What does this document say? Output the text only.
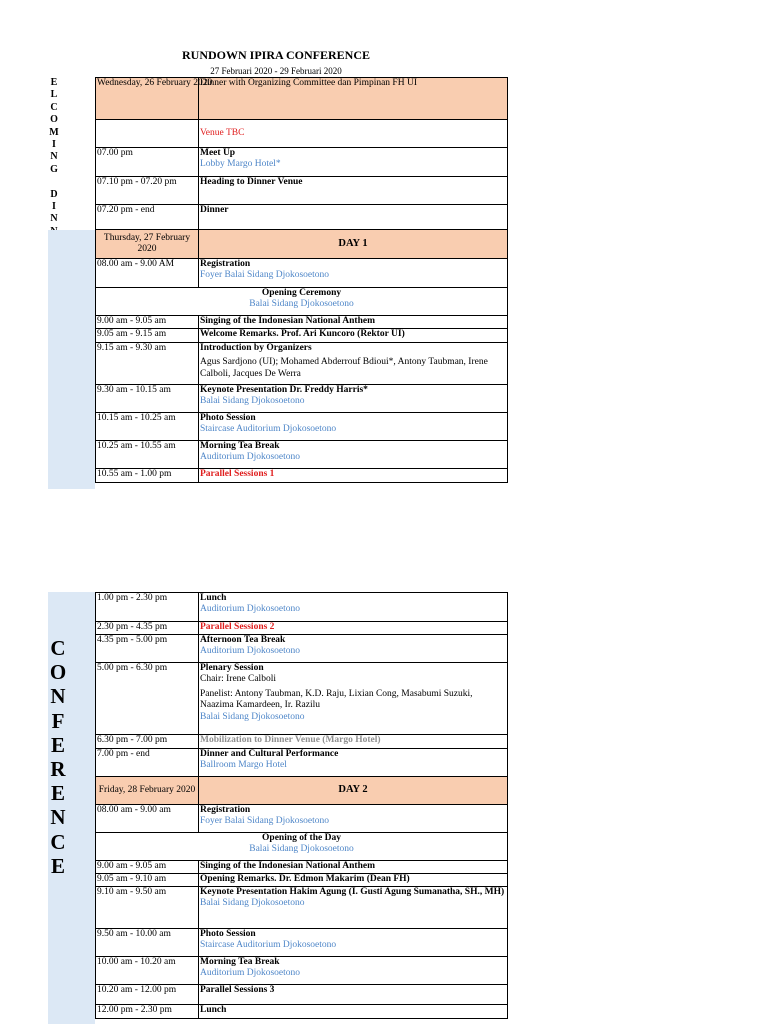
RUNDOWN IPIRA CONFERENCE
27 Februari 2020 - 29 Februari 2020
E
L
C
O
M
I
N
G

D
I
N
C
O
N
F
E
R
E
N
C
E
Wednesday, 26 February 2020	Dinner with Organizing Committee dan Pimpinan FH UI
	Venue TBC
07.00 pm	Meet Up
Lobby Margo Hotel*
07.10 pm - 07.20 pm	Heading to Dinner Venue
07.20 pm - end	Dinner
Thursday, 27 February 2020	DAY 1
08.00 am - 9.00 AM	Registration
Foyer Balai Sidang Djokosoetono
Opening Ceremony
Balai Sidang Djokosoetono	
9.00 am - 9.05 am	Singing of the Indonesian National Anthem
9.05 am - 9.15 am	Welcome Remarks. Prof. Ari Kuncoro (Rektor UI)
9.15 am - 9.30 am	Introduction by Organizers
Agus Sardjono (UI); Mohamed Abderrouf Bdioui*, Antony Taubman, Irene Calboli, Jacques De Werra

9.30 am - 10.15 am	Keynote Presentation Dr. Freddy Harris*
Balai Sidang Djokosoetono
10.15 am - 10.25 am	Photo Session
Staircase Auditorium Djokosoetono
10.25 am - 10.55 am	Morning Tea Break
Auditorium Djokosoetono
10.55 am - 1.00 pm	Parallel Sessions 1
1.00 pm - 2.30 pm	Lunch
Auditorium Djokosoetono
2.30 pm - 4.35 pm	Parallel Sessions 2
4.35 pm - 5.00 pm	Afternoon Tea Break
Auditorium Djokosoetono
5.00 pm - 6.30 pm	Plenary Session
Chair: Irene Calboli
Panelist: Antony Taubman, K.D. Raju, Lixian Cong, Masabumi Suzuki, Naazima Kamardeen, Ir. Razilu
Balai Sidang Djokosoetono
6.30 pm - 7.00 pm	Mobilization to Dinner Venue (Margo Hotel)
7.00 pm - end	Dinner and Cultural Performance
Ballroom Margo Hotel
Friday, 28 February 2020	DAY 2
08.00 am - 9.00 am	Registration
Foyer Balai Sidang Djokosoetono
Opening of the Day
Balai Sidang Djokosoetono	
9.00 am - 9.05 am	Singing of the Indonesian National Anthem
9.05 am - 9.10 am	Opening Remarks. Dr. Edmon Makarim (Dean FH)
9.10 am - 9.50 am	Keynote Presentation Hakim Agung (I. Gusti Agung Sumanatha, SH., MH)
Balai Sidang Djokosoetono
9.50 am - 10.00 am	Photo Session
Staircase Auditorium Djokosoetono
10.00 am - 10.20 am	Morning Tea Break
Auditorium Djokosoetono
10.20 am - 12.00 pm	Parallel Sessions 3
12.00 pm - 2.30 pm	Lunch
